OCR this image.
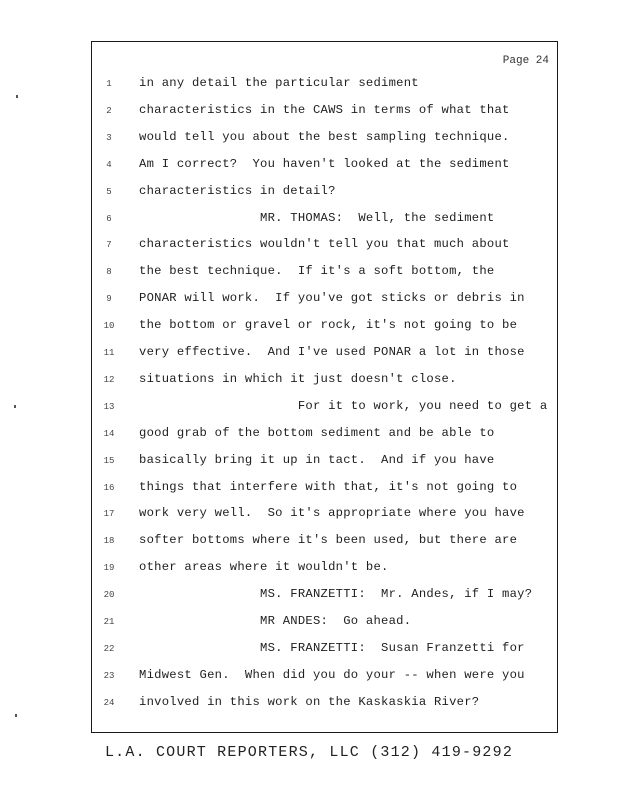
Page 24
1	in any detail the particular sediment
2	characteristics in the CAWS in terms of what that
3	would tell you about the best sampling technique.
4	Am I correct?  You haven't looked at the sediment
5	characteristics in detail?
6	MR. THOMAS:  Well, the sediment
7	characteristics wouldn't tell you that much about
8	the best technique.  If it's a soft bottom, the
9	PONAR will work.  If you've got sticks or debris in
10 the bottom or gravel or rock, it's not going to be
11 very effective.  And I've used PONAR a lot in those
12 situations in which it just doesn't close.
13 For it to work, you need to get a
14 good grab of the bottom sediment and be able to
15 basically bring it up in tact.  And if you have
16 things that interfere with that, it's not going to
17 work very well.  So it's appropriate where you have
18 softer bottoms where it's been used, but there are
19 other areas where it wouldn't be.
20 MS. FRANZETTI:  Mr. Andes, if I may?
21 MR ANDES:  Go ahead.
22 MS. FRANZETTI:  Susan Franzetti for
23 Midwest Gen.  When did you do your -- when were you
24 involved in this work on the Kaskaskia River?
L.A. COURT REPORTERS, LLC (312) 419-9292
